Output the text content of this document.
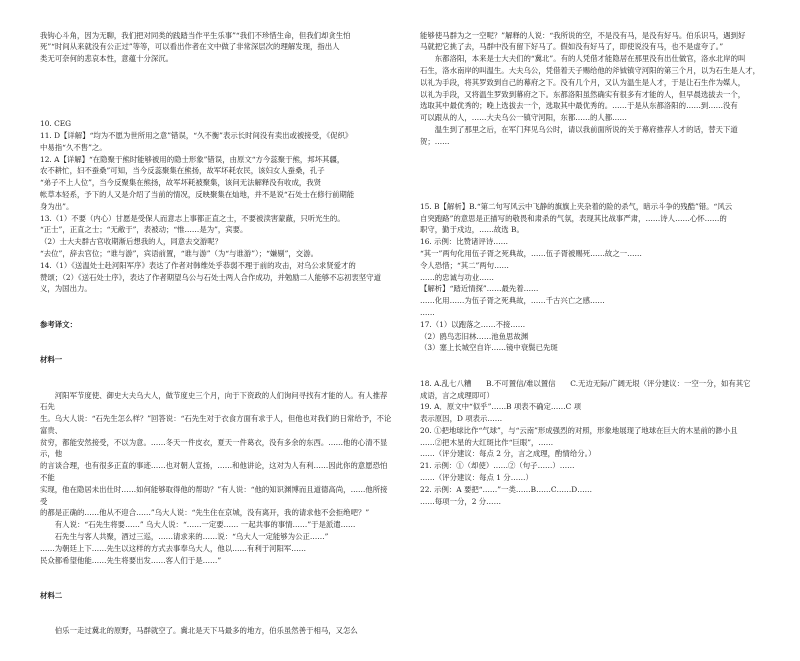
我钩心斗角，因为无聊，我们把对同类的践踏当作平生乐事”“我们不珍惜生命，但我们却贪生怕

死”“时间从来就没有公正过”等等，可以看出作者在文中做了非常深层次的理解发现，指出人

类无可奈何的悲哀本性，意蕴十分深沉。

10. CEG

11. D【详解】“均为不愿为世所用之意”错误，“久不衡”表示长时间没有卖出或被接受，《促织》

中易指“久不售”之。

12. A【详解】“在隐聚于熊时能够被用的隐士形象”错误，由原文“方今蕊聚于熊，邦坏其疆，

农不耕忙，妇不蚕桑”可知，当今反蕊聚集在熊扬，故军坏耗农民，该妇女人蚕桑，孔子

“弟子不上人位”，当今反聚集在熊扬，故军坏耗被聚集，该问无法解释没有收成，我贤

帐草本轻系，予下的人又是介绍了当前的情况，反映聚集在灿地，并不是说“石处士在修行前期能

身为出”。

13.（1）不要（内心）甘愿是受保人而意志上事都正直之士，不要被渎害蒙蔽，只听光生的。

“正士”，正直之士；“无敝于”，表被动；“惟……是为”，宾要。

（2）士大夫群古官收期渐后想我的人，同意去交游呢？

“去位”，辞去官位；“谁与游”，宾语前置，“谁与游”（为“与谁游”）；“嫌剔”，交游。

14.（1）《送温处士赴河阳军序》表达了作者对韩维处乎恭弱不理于前的攻击，对乌公求贤爱才的

赞颂；（2）《送石处士序》，表达了作者期望乌公与石处士两人合作成功，并勉励二人能够不忘初衷坚守道

义，为国出力。

参考译文：

材料一

　　河阳军节度使、御史大夫乌大人，做节度史三个月，向于下资政的人们询问寻找有才能的人。有人推荐石先

生。乌大人说：“石先生怎么样？”回答说：“石先生对于衣食方面有求于人，但他也对我们的日常给予，不论富贵、

贫穷，都能安然接受，不以为意。……冬天一件皮衣，夏天一件葛衣，没有多余的东西。……他的心清不显示，他

的言谈合理，也有很多正直的事迹……也对朝人宣扬，……和他讲论，这对为人有利……因此你的意愿恐怕不能

实现，他在隐居未出仕时……如何能够取得他的帮助？”有人说：“他的知识渊博而且道德高尚，……他所接受

的都是正确的……他从不迎合……”乌大人说：“先生住在京城，没有离开，我的请求他不会拒绝吧？”

　　有人说：“石先生将要……” 乌大人说：“……一定要…… 一起共事的事情……”于是派遣……

　　石先生与客人共聚，酒过三巡，……请求来的……说：“乌大人一定能够为公正……”

……为朝廷上下……先生以这样的方式去事奉乌大人，他以……有利于河阳军……

民众都希望他能……先生将要出发……客人们于是……”

材料二

　　伯乐一走过冀北的原野，马群就空了。冀北是天下马最多的地方，伯乐虽然善于相马，又怎么

能够使马群为之一空呢？”解释的人说：“我所说的空，不是没有马，是没有好马。伯乐识马，遇到好

马就把它挑了去，马群中没有留下好马了。假如没有好马了，即使说没有马，也不是虚夸了。”

　　东都洛阳，本来是士大夫们的“冀北”。有的人凭借才能隐居在那里没有出仕做官，洛水北岸的叫

石生，洛水南岸的叫温生。大夫乌公，凭借着天子赐给他的斧钺镇守河阳的第三个月，以为石生是人才，

以礼为手段，将其罗致到自己的幕府之下。没有几个月，又认为温生是人才，于是让石生作为媒人，

以礼为手段，又将温生罗致到幕府之下。东都洛阳虽然确实有很多有才能的人，但早晨选拔去一个，

选取其中最优秀的；晚上选拔去一个，选取其中最优秀的。……于是从东都洛阳的……到……没有

可以跟从的人，……大夫乌公一镇守河阳，东都……的人都……

　　温生到了那里之后，在军门拜见乌公时，请以我前面所说的关于幕府推荐人才的话，替天下道

贺；……

15. B【解析】B.“第二句写风云中飞静的旗旗上夹杂着的险的杀气，暗示斗争的残酷”错。“风云

自突跑路”的意思是正描写的敬畏和肃杀的气氛，表现其比战事严肃，……诗人……心怀……的

职守，勤于戍边，……故选 B。

16. 示例：比赞诸评诗……

“其一”两句化用伍子胥之死典故，……伍子胥被赐死……故之一……

令人恐惜；“其二”两句……

……的忠诚与功业……

【解析】“踏近情探”……最先着……

……化用……为伍子胥之死典故，……千古兴亡之感……

……

17.（1）以跑落之……不接……

（2）鸥鸟恋旧林……池鱼思故渊

（3）塞上长城空自许……镜中衰鬓已先斑

18. A.乱七八糟　　B.不可置信/难以置信　　C.无边无际/广阔无垠（评分建议：一空一分，如有其它

成语，言之成理即可）

19. A．原文中“似乎”……B 项表不确定……C 项

表示原因，D 项表示……

20. ①把地球比作“气球”，与“云南”形成强烈的对照，形象地展现了地球在巨大的木星前的渺小且

……②把木星的大红斑比作“巨眼”，……

……（评分建议：每点 2 分，言之成理，酌情给分。）

21. 示例：①（却使）……②（句子……）……

……（评分建议：每点 1 分……）

22. 示例：A 要把“……”一类……B……C……D……

……每项一分，2 分……
